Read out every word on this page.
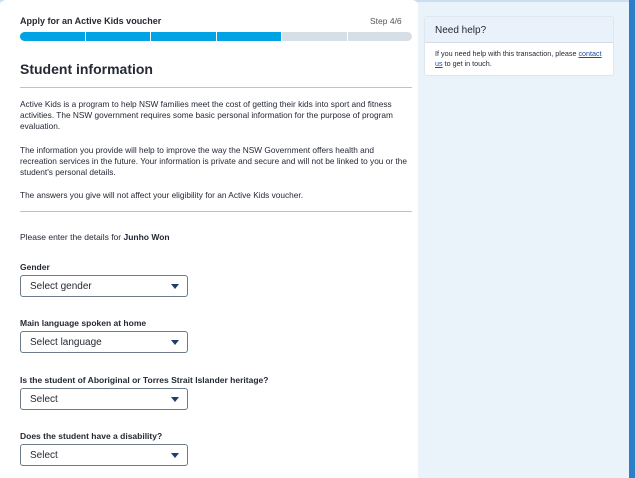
Apply for an Active Kids voucher	Step 4/6
Student information
Active Kids is a program to help NSW families meet the cost of getting their kids into sport and fitness activities. The NSW government requires some basic personal information for the purpose of program evaluation.
The information you provide will help to improve the way the NSW Government offers health and recreation services in the future. Your information is private and secure and will not be linked to you or the student's personal details.
The answers you give will not affect your eligibility for an Active Kids voucher.
Please enter the details for Junho Won
Gender
Select gender
Main language spoken at home
Select language
Is the student of Aboriginal or Torres Strait Islander heritage?
Select
Does the student have a disability?
Select
Need help?
If you need help with this transaction, please contact us to get in touch.
